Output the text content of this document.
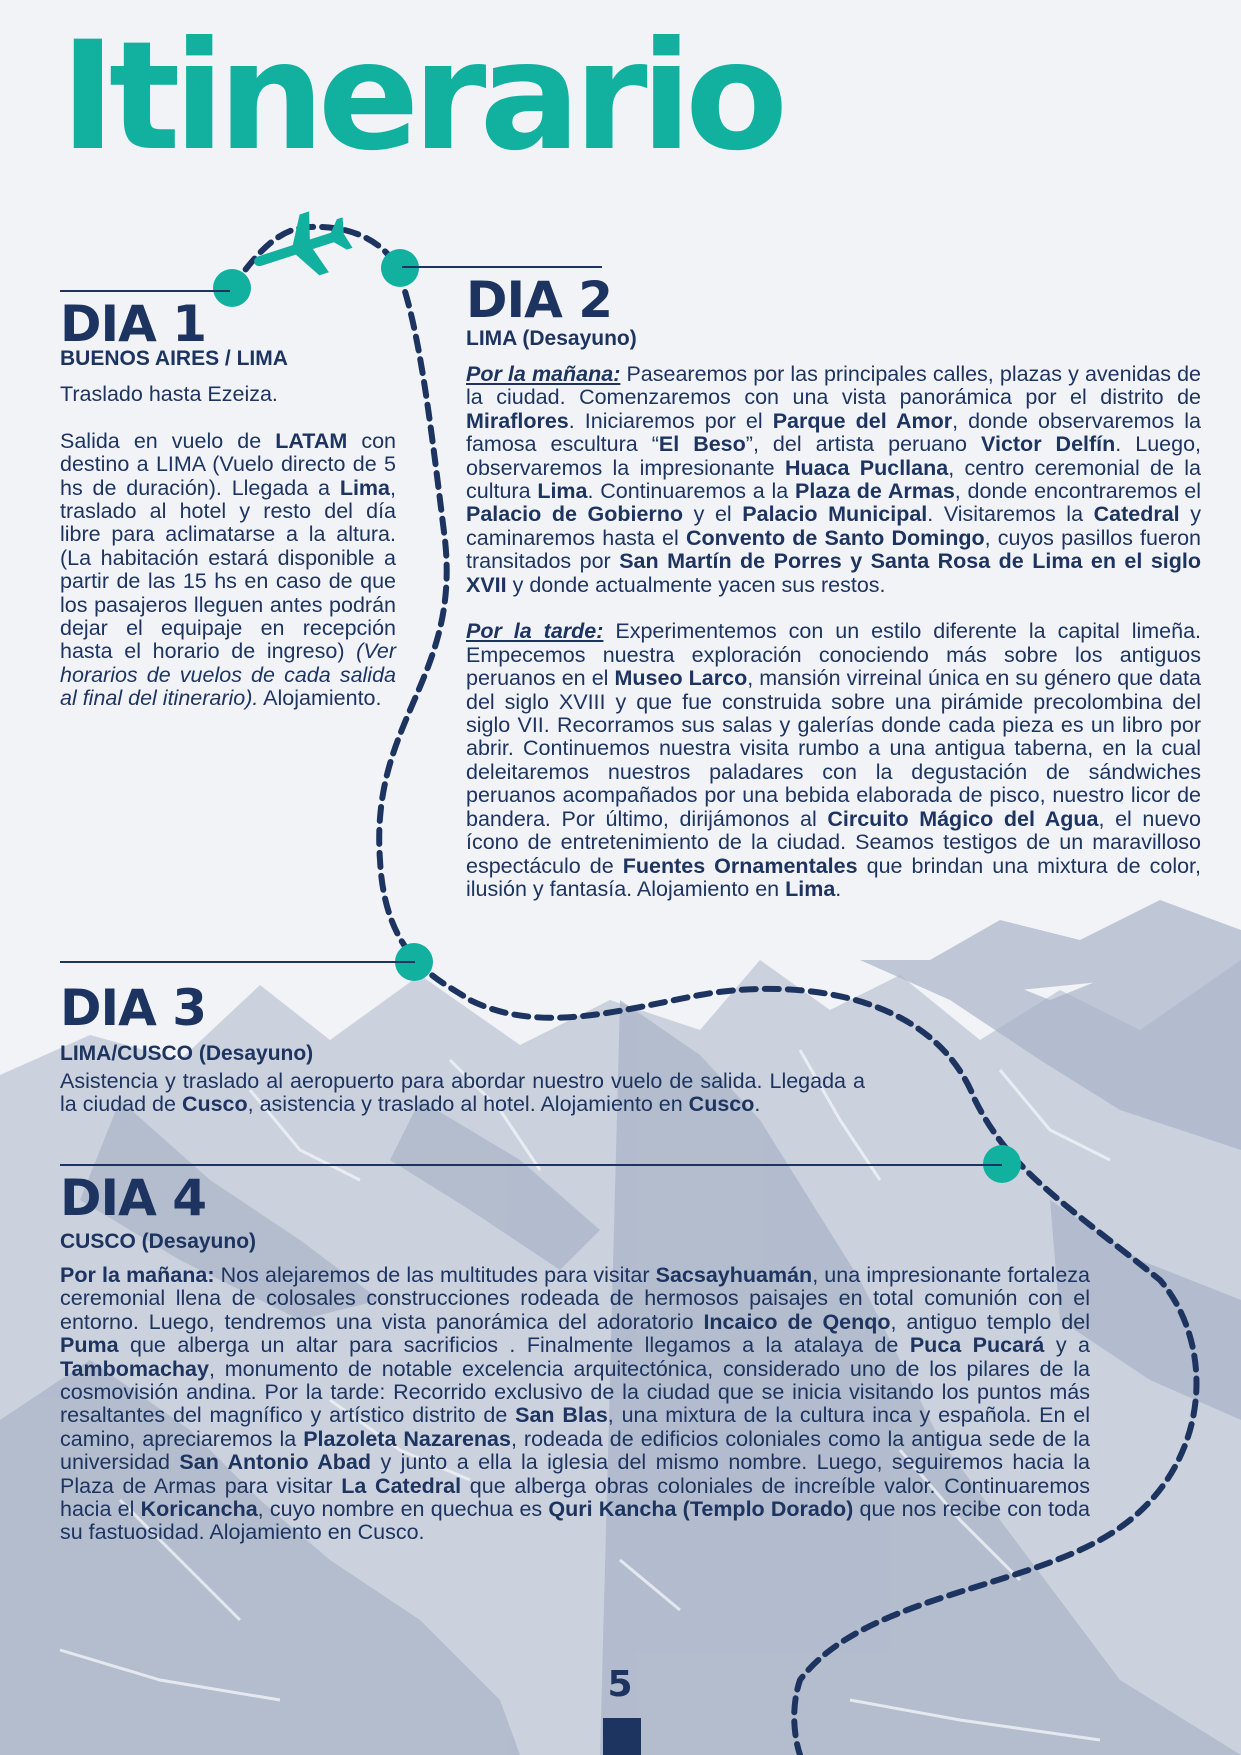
Itinerario
DIA 1
BUENOS AIRES / LIMA

Traslado hasta Ezeiza.

Salida en vuelo de LATAM con destino a LIMA (Vuelo directo de 5 hs de duración). Llegada a Lima, traslado al hotel y resto del día libre para aclimatarse a la altura. (La habitación estará disponible a partir de las 15 hs en caso de que los pasajeros lleguen antes podrán dejar el equipaje en recepción hasta el horario de ingreso) (Ver horarios de vuelos de cada salida al final del itinerario). Alojamiento.

DIA 2
LIMA (Desayuno)

Por la mañana: Pasearemos por las principales calles, plazas y avenidas de la ciudad. Comenzaremos con una vista panorámica por el distrito de Miraflores. Iniciaremos por el Parque del Amor, donde observaremos la famosa escultura “El Beso”, del artista peruano Victor Delfín. Luego, observaremos la impresionante Huaca Pucllana, centro ceremonial de la cultura Lima. Continuaremos a la Plaza de Armas, donde encontraremos el Palacio de Gobierno y el Palacio Municipal. Visitaremos la Catedral y caminaremos hasta el Convento de Santo Domingo, cuyos pasillos fueron transitados por San Martín de Porres y Santa Rosa de Lima en el siglo XVII y donde actualmente yacen sus restos.

Por la tarde: Experimentemos con un estilo diferente la capital limeña. Empecemos nuestra exploración conociendo más sobre los antiguos peruanos en el Museo Larco, mansión virreinal única en su género que data del siglo XVIII y que fue construida sobre una pirámide precolombina del siglo VII. Recorramos sus salas y galerías donde cada pieza es un libro por abrir. Continuemos nuestra visita rumbo a una antigua taberna, en la cual deleitaremos nuestros paladares con la degustación de sándwiches peruanos acompañados por una bebida elaborada de pisco, nuestro licor de bandera. Por último, dirijámonos al Circuito Mágico del Agua, el nuevo ícono de entretenimiento de la ciudad. Seamos testigos de un maravilloso espectáculo de Fuentes Ornamentales que brindan una mixtura de color, ilusión y fantasía. Alojamiento en Lima.

DIA 3
LIMA/CUSCO (Desayuno)

Asistencia y traslado al aeropuerto para abordar nuestro vuelo de salida. Llegada a la ciudad de Cusco, asistencia y traslado al hotel. Alojamiento en Cusco.

DIA 4
CUSCO (Desayuno)

Por la mañana: Nos alejaremos de las multitudes para visitar Sacsayhuamán, una impresionante fortaleza ceremonial llena de colosales construcciones rodeada de hermosos paisajes en total comunión con el entorno. Luego, tendremos una vista panorámica del adoratorio Incaico de Qenqo, antiguo templo del Puma que alberga un altar para sacrificios . Finalmente llegamos a la atalaya de Puca Pucará y a Tambomachay, monumento de notable excelencia arquitectónica, considerado uno de los pilares de la cosmovisión andina. Por la tarde: Recorrido exclusivo de la ciudad que se inicia visitando los puntos más resaltantes del magnífico y artístico distrito de San Blas, una mixtura de la cultura inca y española. En el camino, apreciaremos la Plazoleta Nazarenas, rodeada de edificios coloniales como la antigua sede de la universidad San Antonio Abad y junto a ella la iglesia del mismo nombre. Luego, seguiremos hacia la Plaza de Armas para visitar La Catedral que alberga obras coloniales de increíble valor. Continuaremos hacia el Koricancha, cuyo nombre en quechua es Quri Kancha (Templo Dorado) que nos recibe con toda su fastuosidad. Alojamiento en Cusco.

5
